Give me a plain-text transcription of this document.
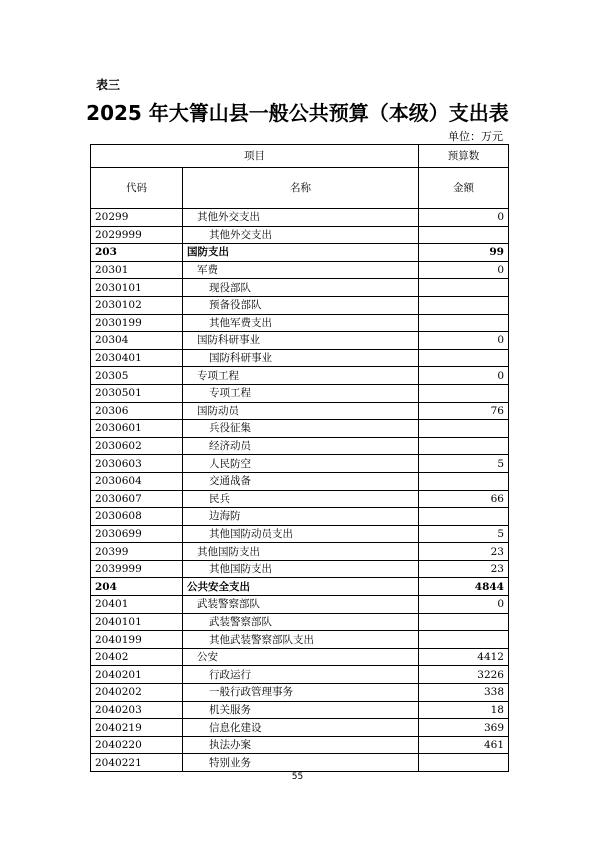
表三
2025 年大箐山县一般公共预算（本级）支出表
单位：万元
项目		预算数
代码	名称	金额
20299	其他外交支出	0
2029999	其他外交支出	
203	国防支出	99
20301	军费	0
2030101	现役部队	
2030102	预备役部队	
2030199	其他军费支出	
20304	国防科研事业	0
2030401	国防科研事业	
20305	专项工程	0
2030501	专项工程	
20306	国防动员	76
2030601	兵役征集	
2030602	经济动员	
2030603	人民防空	5
2030604	交通战备	
2030607	民兵	66
2030608	边海防	
2030699	其他国防动员支出	5
20399	其他国防支出	23
2039999	其他国防支出	23
204	公共安全支出	4844
20401	武装警察部队	0
2040101	武装警察部队	
2040199	其他武装警察部队支出	
20402	公安	4412
2040201	行政运行	3226
2040202	一般行政管理事务	338
2040203	机关服务	18
2040219	信息化建设	369
2040220	执法办案	461
2040221	特别业务	
55
